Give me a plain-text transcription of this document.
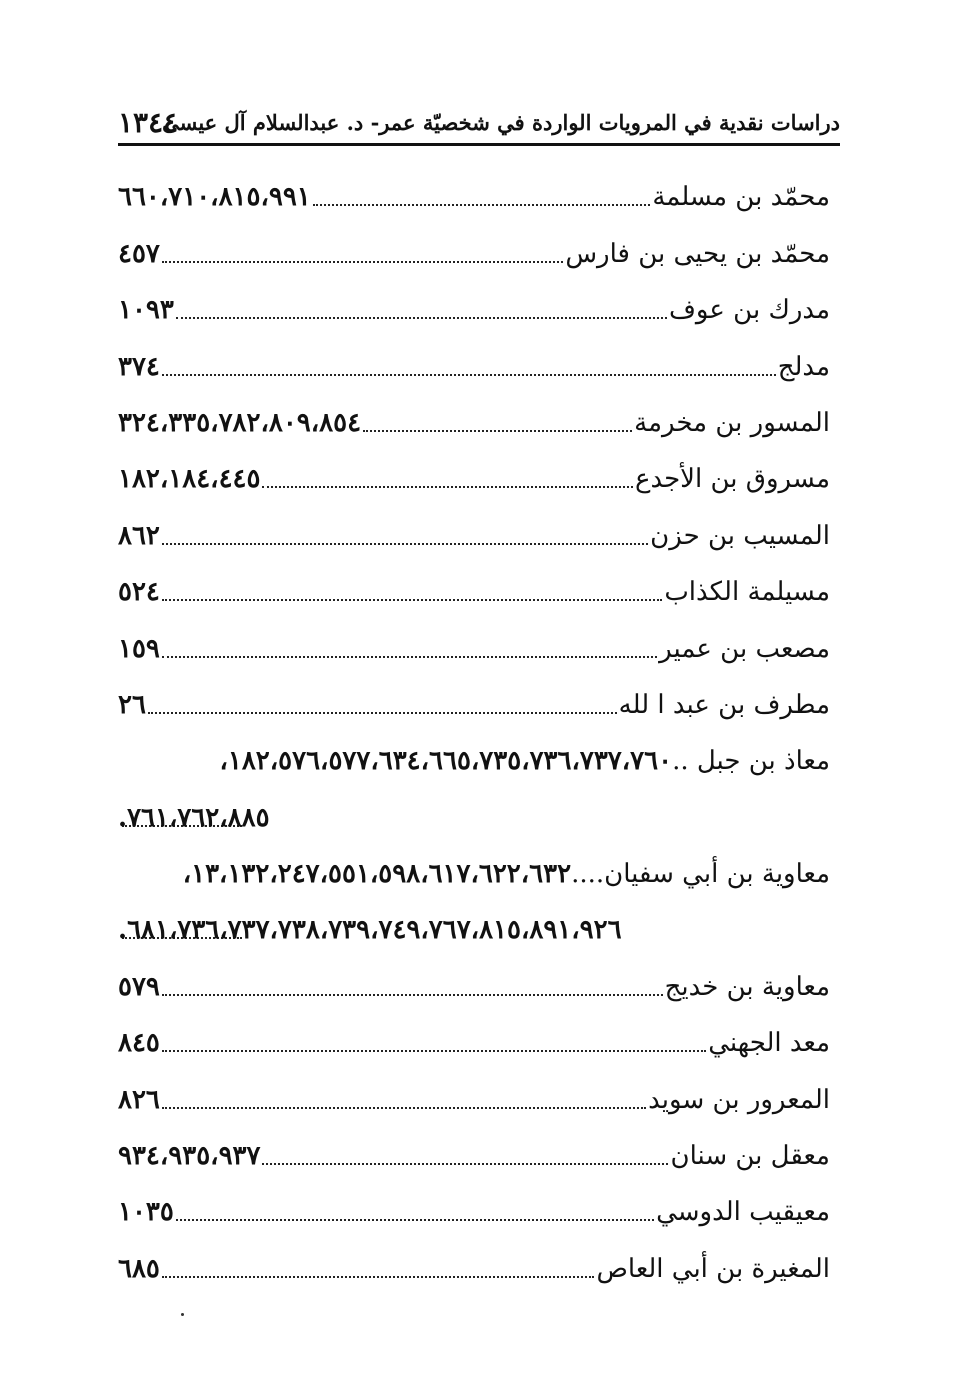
١٣٤٤
دراسات نقدية في المرويات الواردة في شخصيّة عمر- د. عبدالسلام آل عيسى
محمّد بن مسلمة
٦٦٠،٧١٠،٨١٥،٩٩١
محمّد بن يحيى بن فارس
٤٥٧
مدرك بن عوف
١٠٩٣
مدلج
٣٧٤
المسور بن مخرمة
٣٢٤،٣٣٥،٧٨٢،٨٠٩،٨٥٤
مسروق بن الأجدع
١٨٢،١٨٤،٤٤٥
المسيب بن حزن
٨٦٢
مسيلمة الكذاب
٥٢٤
مصعب بن عمير
١٥٩
مطرف بن عبد ا لله
٢٦
معاذ بن جبل ..
١٨٢،٥٧٦،٥٧٧،٦٣٤،٦٦٥،٧٣٥،٧٣٦،٧٣٧،٧٦٠،
٧٦١،٧٦٢،٨٨٥.
معاوية بن أبي سفيان....
١٣،١٣٢،٢٤٧،٥٥١،٥٩٨،٦١٧،٦٢٢،٦٣٢،
٦٨١،٧٣٦،٧٣٧،٧٣٨،٧٣٩،٧٤٩،٧٦٧،٨١٥،٨٩١،٩٢٦.
معاوية بن خديج
٥٧٩
معد الجهني
٨٤٥
المعرور بن سويد
٨٢٦
معقل بن سنان
٩٣٤،٩٣٥،٩٣٧
معيقيب الدوسي
١٠٣٥
المغيرة بن أبي العاص
٦٨٥
